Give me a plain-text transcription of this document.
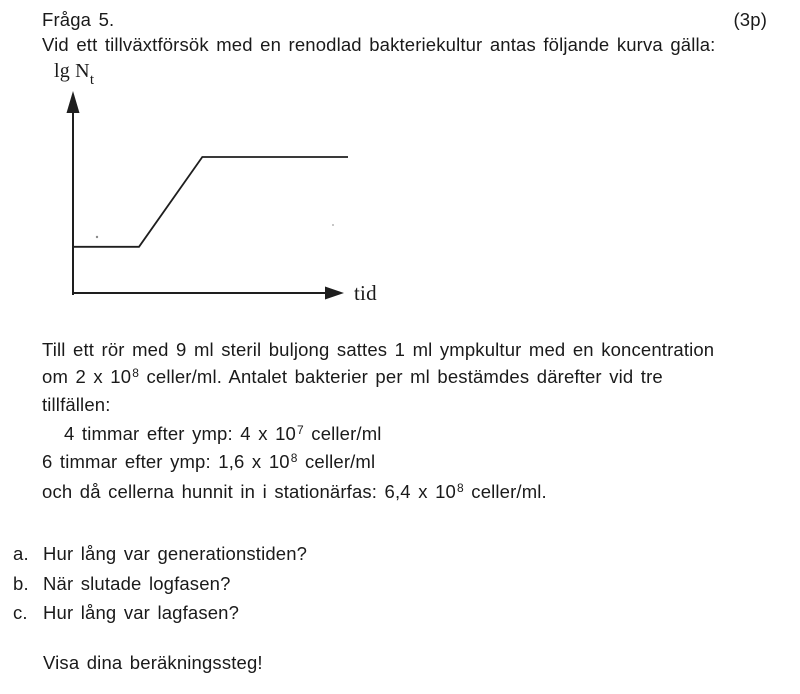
Fråga 5.	(3p)
Vid ett tillväxtförsök med en renodlad bakteriekultur antas följande kurva gälla:
$\lg N_t$
tid
Till ett rör med 9 ml steril buljong sattes 1 ml ympkultur med en koncentration
om 2 x $10^8$ celler/ml. Antalet bakterier per ml bestämdes därefter vid tre
tillfällen:
4 timmar efter ymp: 4 x $10^7$ celler/ml
6 timmar efter ymp: 1,6 x $10^8$ celler/ml
och då cellerna hunnit in i stationärfas: 6,4 x $10^8$ celler/ml.
a. Hur lång var generationstiden?
b. När slutade logfasen?
c. Hur lång var lagfasen?
Visa dina beräkningssteg!
